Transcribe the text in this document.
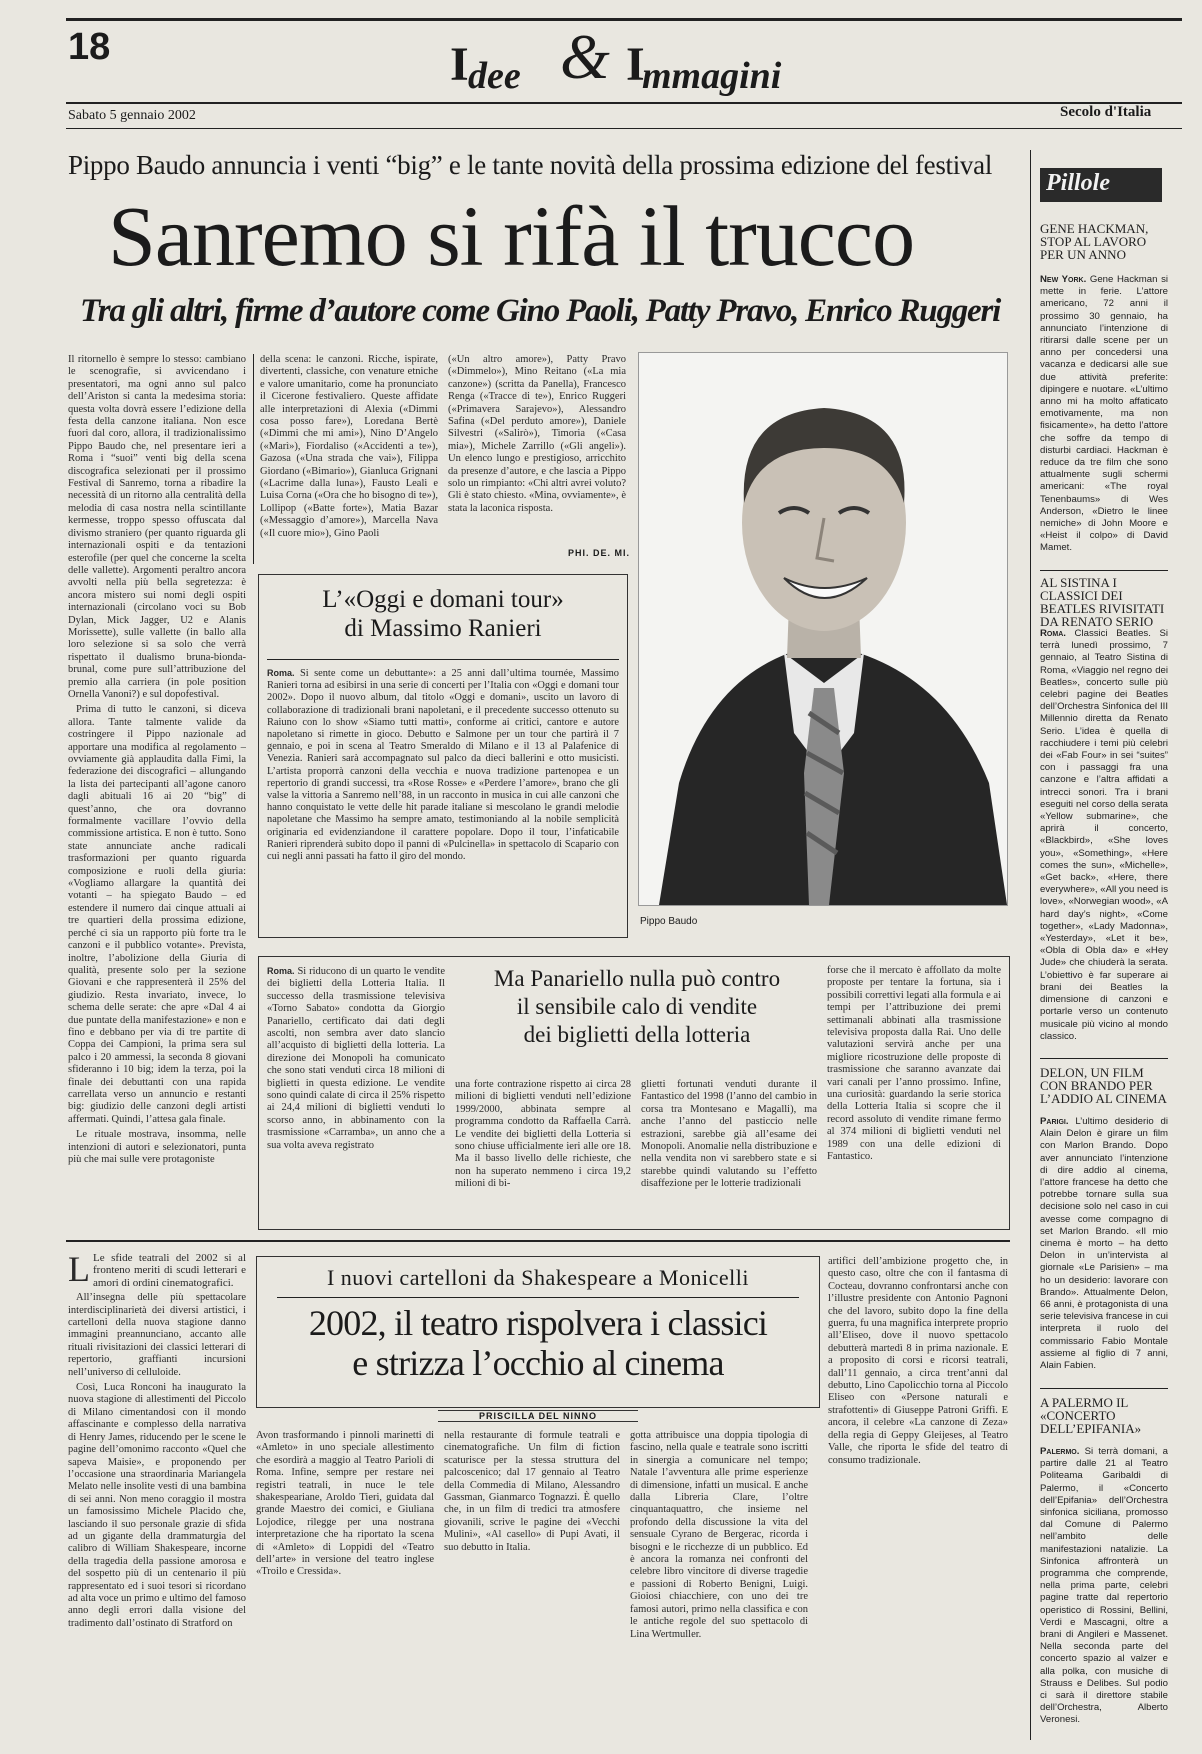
18	I dee & I
mmagini
Sabato 5 gennaio 2002	Secolo d'Italia
Pippo Baudo annuncia i venti “big” e le tante novità della prossima edizione del festival
Sanremo si rifà il trucco
Tra gli altri, firme d’autore come Gino Paoli, Patty Pravo, Enrico Ruggeri

Il ritornello è sempre lo stesso: cambiano le scenografie, si avvicendano i presentatori, ma ogni anno sul palco dell’Ariston si canta la medesima storia: questa volta dovrà essere l’edizione della festa della canzone italiana. Non esce fuori dal coro, allora, il tradizionalissimo Pippo Baudo che, nel presentare ieri a Roma i “suoi” venti big della scena discografica selezionati per il prossimo Festival di Sanremo, torna a ribadire la necessità di un ritorno alla centralità della melodia di casa nostra nella scintillante kermesse, troppo spesso offuscata dal divismo straniero (per quanto riguarda gli internazionali ospiti e da tentazioni esterofile (per quel che concerne la scelta delle vallette). Argomenti peraltro ancora avvolti nella più bella segretezza: è ancora mistero sui nomi degli ospiti internazionali (circolano voci su Bob Dylan, Mick Jagger, U2 e Alanis Morissette), sulle vallette (in ballo alla loro selezione si sa solo che verrà rispettato il dualismo bruna-bionda-brunal, come pure sull’attribuzione del premio alla carriera (in pole position Ornella Vanoni?) e sul dopofestival.

Prima di tutto le canzoni, si diceva allora. Tante talmente valide da costringere il Pippo nazionale ad apportare una modifica al regolamento – ovviamente già applaudita dalla Fimi, la federazione dei discografici – allungando la lista dei partecipanti all’agone canoro dagli abituali 16 ai 20 “big” di quest’anno, che ora dovranno formalmente vacillare l’ovvio della commissione artistica. E non è tutto. Sono state annunciate anche radicali trasformazioni per quanto riguarda composizione e ruoli della giuria: «Vogliamo allargare la quantità dei votanti – ha spiegato Baudo – ed estendere il numero dai cinque attuali ai tre quartieri della prossima edizione, perché ci sia un rapporto più forte tra le canzoni e il pubblico votante». Prevista, inoltre, l’abolizione della Giuria di qualità, presente solo per la sezione Giovani e che rappresenterà il 25% del giudizio. Resta invariato, invece, lo schema delle serate: che apre «Dal 4 ai due puntate della manifestazione» e non e fino e debbano per via di tre partite di Coppa dei Campioni, la prima sera sul palco i 20 ammessi, la seconda 8 giovani sfideranno i 10 big; idem la terza, poi la finale dei debuttanti con una rapida carrellata verso un annuncio e restanti big: giudizio delle canzoni degli artisti affermati. Quindi, l’attesa gala finale.

Le rituale mostrava, insomma, nelle intenzioni di autori e selezionatori, punta più che mai sulle vere protagoniste

della scena: le canzoni. Ricche, ispirate, divertenti, classiche, con venature etniche e valore umanitario, come ha pronunciato il Cicerone festivaliero. Queste affidate alle interpretazioni di Alexia («Dimmi cosa posso fare»), Loredana Bertè («Dimmi che mi ami»), Nino D’Angelo («Marì»), Fiordaliso («Accidenti a te»), Gazosa («Una strada che vai»), Filippa Giordano («Bimario»), Gianluca Grignani («Lacrime dalla luna»), Fausto Leali e Luisa Corna («Ora che ho bisogno di te»), Lollipop («Batte forte»), Matia Bazar («Messaggio d’amore»), Marcella Nava («Il cuore mio»), Gino Paoli

(«Un altro amore»), Patty Pravo («Dimmelo»), Mino Reitano («La mia canzone») (scritta da Panella), Francesco Renga («Tracce di te»), Enrico Ruggeri («Primavera Sarajevo»), Alessandro Safina («Del perduto amore»), Daniele Silvestri («Salirò»), Timoria («Casa mia»), Michele Zarrillo («Gli angeli»). Un elenco lungo e prestigioso, arricchito da presenze d’autore, e che lascia a Pippo solo un rimpianto: «Chi altri avrei voluto? Gli è stato chiesto. «Mina, ovviamente», è stata la laconica risposta.

PHI. DE. MI.
Pippo Baudo
L’«Oggi e domani tour»
di Massimo Ranieri
Roma. Si sente come un debuttante»: a 25 anni dall’ultima tournée, Massimo Ranieri torna ad esibirsi in una serie di concerti per l’Italia con «Oggi e domani tour 2002». Dopo il nuovo album, dal titolo «Oggi e domani», uscito un lavoro di collaborazione di tradizionali brani napoletani, e il precedente successo ottenuto su Raiuno con lo show «Siamo tutti matti», conforme ai critici, cantore e autore napoletano si rimette in gioco. Debutto e Salmone per un tour che partirà il 7 gennaio, e poi in scena al Teatro Smeraldo di Milano e il 13 al Palafenice di Venezia. Ranieri sarà accompagnato sul palco da dieci ballerini e otto musicisti. L’artista proporrà canzoni della vecchia e nuova tradizione partenopea e un repertorio di grandi successi, tra «Rose Rosse» e «Perdere l’amore», brano che gli valse la vittoria a Sanremo nell’88, in un racconto in musica in cui alle canzoni che hanno conquistato le vette delle hit parade italiane si mescolano le grandi melodie napoletane che Massimo ha sempre amato, testimoniando al la nobile semplicità originaria ed evidenziandone il carattere popolare. Dopo il tour, l’infaticabile Ranieri riprenderà subito dopo il panni di «Pulcinella» in spettacolo di Scapario con cui negli anni passati ha fatto il giro del mondo.
Roma. Si riducono di un quarto le vendite dei biglietti della Lotteria Italia. Il successo della trasmissione televisiva «Torno Sabato» condotta da Giorgio Panariello, certificato dai dati degli ascolti, non sembra aver dato slancio all’acquisto di biglietti della lotteria. La direzione dei Monopoli ha comunicato che sono stati venduti circa 18 milioni di biglietti in questa edizione. Le vendite sono quindi calate di circa il 25% rispetto ai 24,4 milioni di biglietti venduti lo scorso anno, in abbinamento con la trasmissione «Carramba», un anno che a sua volta aveva registrato
Ma Panariello nulla può contro
il sensibile calo di vendite
dei biglietti della lotteria

una forte contrazione rispetto ai circa 28 milioni di biglietti venduti nell’edizione 1999/2000, abbinata sempre al programma condotto da Raffaella Carrà. Le vendite dei biglietti della Lotteria si sono chiuse ufficialmente ieri alle ore 18. Ma il basso livello delle richieste, che non ha superato nemmeno i circa 19,2 milioni di bi-

glietti fortunati venduti durante il Fantastico del 1998 (l’anno del cambio in corsa tra Montesano e Magalli), ma anche l’anno del pasticcio nelle estrazioni, sarebbe già all’esame dei Monopoli. Anomalie nella distribuzione e nella vendita non vi sarebbero state e si starebbe quindi valutando su l’effetto disaffezione per le lotterie tradizionali

forse che il mercato è affollato da molte proposte per tentare la fortuna, sia i possibili correttivi legati alla formula e ai tempi per l’attribuzione dei premi settimanali abbinati alla trasmissione televisiva proposta dalla Rai. Uno delle valutazioni servirà anche per una migliore ricostruzione delle proposte di trasmissione che saranno avanzate dai vari canali per l’anno prossimo. Infine, una curiosità: guardando la serie storica della Lotteria Italia si scopre che il record assoluto di vendite rimane fermo al 374 milioni di biglietti venduti nel 1989 con una delle edizioni di Fantastico.

L Le sfide teatrali del 2002 si al fronteno meriti di scudi letterari e amori di ordini cinematografici.

All’insegna delle più spettacolare interdisciplinarietà dei diversi artistici, i cartelloni della nuova stagione danno immagini preannunciano, accanto alle rituali rivisitazioni dei classici letterari di repertorio, graffianti incursioni nell’universo di celluloide.

Così, Luca Ronconi ha inaugurato la nuova stagione di allestimenti del Piccolo di Milano cimentandosi con il mondo affascinante e complesso della narrativa di Henry James, riducendo per le scene le pagine dell’omonimo racconto «Quel che sapeva Maisie», e proponendo per l’occasione una straordinaria Mariangela Melato nelle insolite vesti di una bambina di sei anni. Non meno coraggio il mostra un famosissimo Michele Placido che, lasciando il suo personale grazie di sfida ad un gigante della drammaturgia del calibro di William Shakespeare, incorne della tragedia della passione amorosa e del sospetto più di un centenario il più rappresentato ed i suoi tesori si ricordano ad alta voce un primo e ultimo del famoso anno degli errori dalla visione del tradimento dall’ostinato di Stratford on

I nuovi cartelloni da Shakespeare a Monicelli
2002, il teatro rispolvera i classici
e strizza l’occhio al cinema
PRISCILLA DEL NINNO

Avon trasformando i pinnoli marinetti di «Amleto» in uno speciale allestimento che esordirà a maggio al Teatro Parioli di Roma. Infine, sempre per restare nei registri teatrali, in nuce le tele shakespeariane, Aroldo Tieri, guidata dal grande Maestro dei comici, e Giuliana Lojodice, rilegge per una nostrana interpretazione che ha riportato la scena di «Amleto» di Loppidi del «Teatro dell’arte» in versione del teatro inglese «Troilo e Cressida».

nella restaurante di formule teatrali e cinematografiche. Un film di fiction scaturisce per la stessa struttura del palcoscenico; dal 17 gennaio al Teatro della Commedia di Milano, Alessandro Gassman, Gianmarco Tognazzi. È quello che, in un film di tredici tra atmosfere giovanili, scrive le pagine dei «Vecchi Mulini», «Al casello» di Pupi Avati, il suo debutto in Italia.

gotta attribuisce una doppia tipologia di fascino, nella quale e teatrale sono iscritti in sinergia a comunicare nel tempo; Natale l’avventura alle prime esperienze di dimensione, infatti un musical. E anche dalla Libreria Clare, l’oltre cinquantaquattro, che insieme nel profondo della discussione la vita del sensuale Cyrano de Bergerac, ricorda i bisogni e le ricchezze di un pubblico. Ed è ancora la romanza nei confronti del celebre libro vincitore di diverse tragedie e passioni di Roberto Benigni, Luigi. Gioiosi chiacchiere, con uno dei tre famosi autori, primo nella classifica e con le antiche regole del suo spettacolo di Lina Wertmuller.

artifici dell’ambizione progetto che, in questo caso, oltre che con il fantasma di Cocteau, dovranno confrontarsi anche con l’illustre presidente con Antonio Pagnoni che del lavoro, subito dopo la fine della guerra, fu una magnifica interprete proprio all’Eliseo, dove il nuovo spettacolo debutterà martedì 8 in prima nazionale. E a proposito di corsi e ricorsi teatrali, dall’11 gennaio, a circa trent’anni dal debutto, Lino Capolicchio torna al Piccolo Eliseo con «Persone naturali e strafottenti» di Giuseppe Patroni Griffi. E ancora, il celebre «La canzone di Zeza» della regia di Geppy Gleijeses, al Teatro Valle, che riporta le sfide del teatro di consumo tradizionale.

Pillole
GENE HACKMAN, STOP AL LAVORO PER UN ANNO
New York. Gene Hackman si mette in ferie. L’attore americano, 72 anni il prossimo 30 gennaio, ha annunciato l’intenzione di ritirarsi dalle scene per un anno per concedersi una vacanza e dedicarsi alle sue due attività preferite: dipingere e nuotare. «L’ultimo anno mi ha molto affaticato emotivamente, ma non fisicamente», ha detto l’attore che soffre da tempo di disturbi cardiaci. Hackman è reduce da tre film che sono attualmente sugli schermi americani: «The royal Tenenbaums» di Wes Anderson, «Dietro le linee nemiche» di John Moore e «Heist il colpo» di David Mamet.
AL SISTINA I CLASSICI DEI BEATLES RIVISITATI DA RENATO SERIO
Roma. Classici Beatles. Si terrà lunedì prossimo, 7 gennaio, al Teatro Sistina di Roma, «Viaggio nel regno dei Beatles», concerto sulle più celebri pagine dei Beatles dell’Orchestra Sinfonica del III Millennio diretta da Renato Serio. L’idea è quella di racchiudere i temi più celebri dei «Fab Four» in sei “suites” con i passaggi fra una canzone e l’altra affidati a intrecci sonori. Tra i brani eseguiti nel corso della serata «Yellow submarine», che aprirà il concerto, «Blackbird», «She loves you», «Something», «Here comes the sun», «Michelle», «Get back», «Here, there everywhere», «All you need is love», «Norwegian wood», «A hard day’s night», «Come together», «Lady Madonna», «Yesterday», «Let it be», «Obla di Obla da» e «Hey Jude» che chiuderà la serata. L’obiettivo è far superare ai brani dei Beatles la dimensione di canzoni e portarle verso un contenuto musicale più vicino al mondo classico.
DELON, UN FILM CON BRANDO PER L’ADDIO AL CINEMA
Parigi. L’ultimo desiderio di Alain Delon è girare un film con Marlon Brando. Dopo aver annunciato l’intenzione di dire addio al cinema, l’attore francese ha detto che potrebbe tornare sulla sua decisione solo nel caso in cui avesse come compagno di set Marlon Brando. «Il mio cinema è morto – ha detto Delon in un’intervista al giornale «Le Parisien» – ma ho un desiderio: lavorare con Brando». Attualmente Delon, 66 anni, è protagonista di una serie televisiva francese in cui interpreta il ruolo del commissario Fabio Montale assieme al figlio di 7 anni, Alain Fabien.
A PALERMO IL «CONCERTO DELL’EPIFANIA»
Palermo. Si terrà domani, a partire dalle 21 al Teatro Politeama Garibaldi di Palermo, il «Concerto dell’Epifania» dell’Orchestra sinfonica siciliana, promosso dal Comune di Palermo nell’ambito delle manifestazioni natalizie. La Sinfonica affronterà un programma che comprende, nella prima parte, celebri pagine tratte dal repertorio operistico di Rossini, Bellini, Verdi e Mascagni, oltre a brani di Angileri e Massenet. Nella seconda parte del concerto spazio al valzer e alla polka, con musiche di Strauss e Delibes. Sul podio ci sarà il direttore stabile dell’Orchestra, Alberto Veronesi.
